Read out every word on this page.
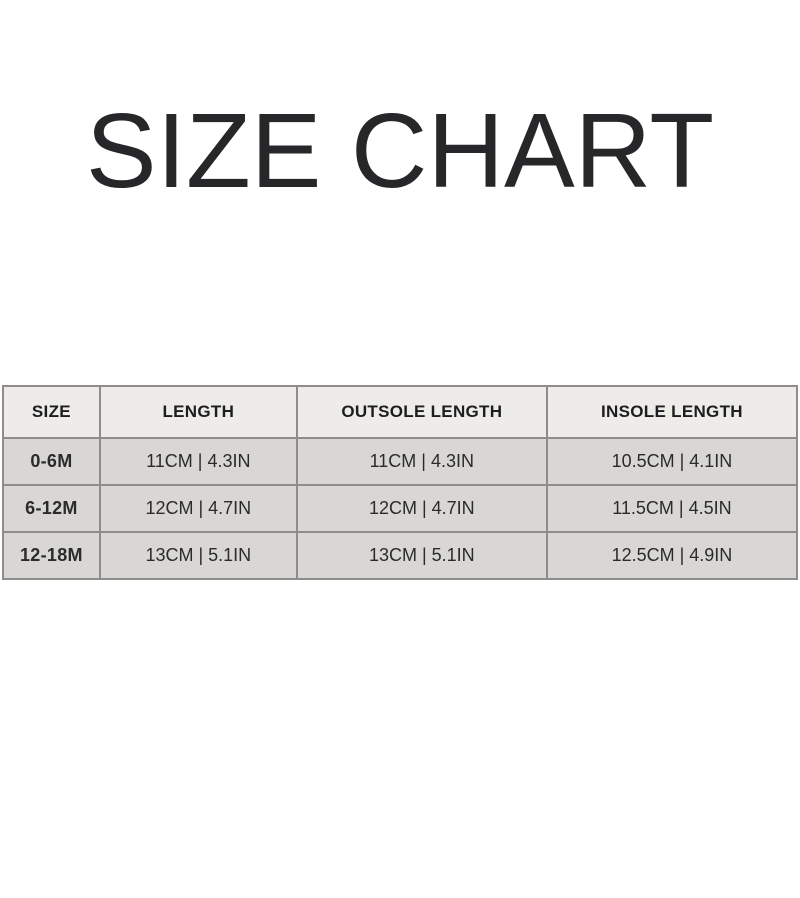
SIZE CHART
SIZE	LENGTH	OUTSOLE LENGTH	INSOLE LENGTH
0-6M	11CM | 4.3IN	11CM | 4.3IN	10.5CM | 4.1IN
6-12M	12CM | 4.7IN	12CM | 4.7IN	11.5CM | 4.5IN
12-18M	13CM | 5.1IN	13CM | 5.1IN	12.5CM | 4.9IN
